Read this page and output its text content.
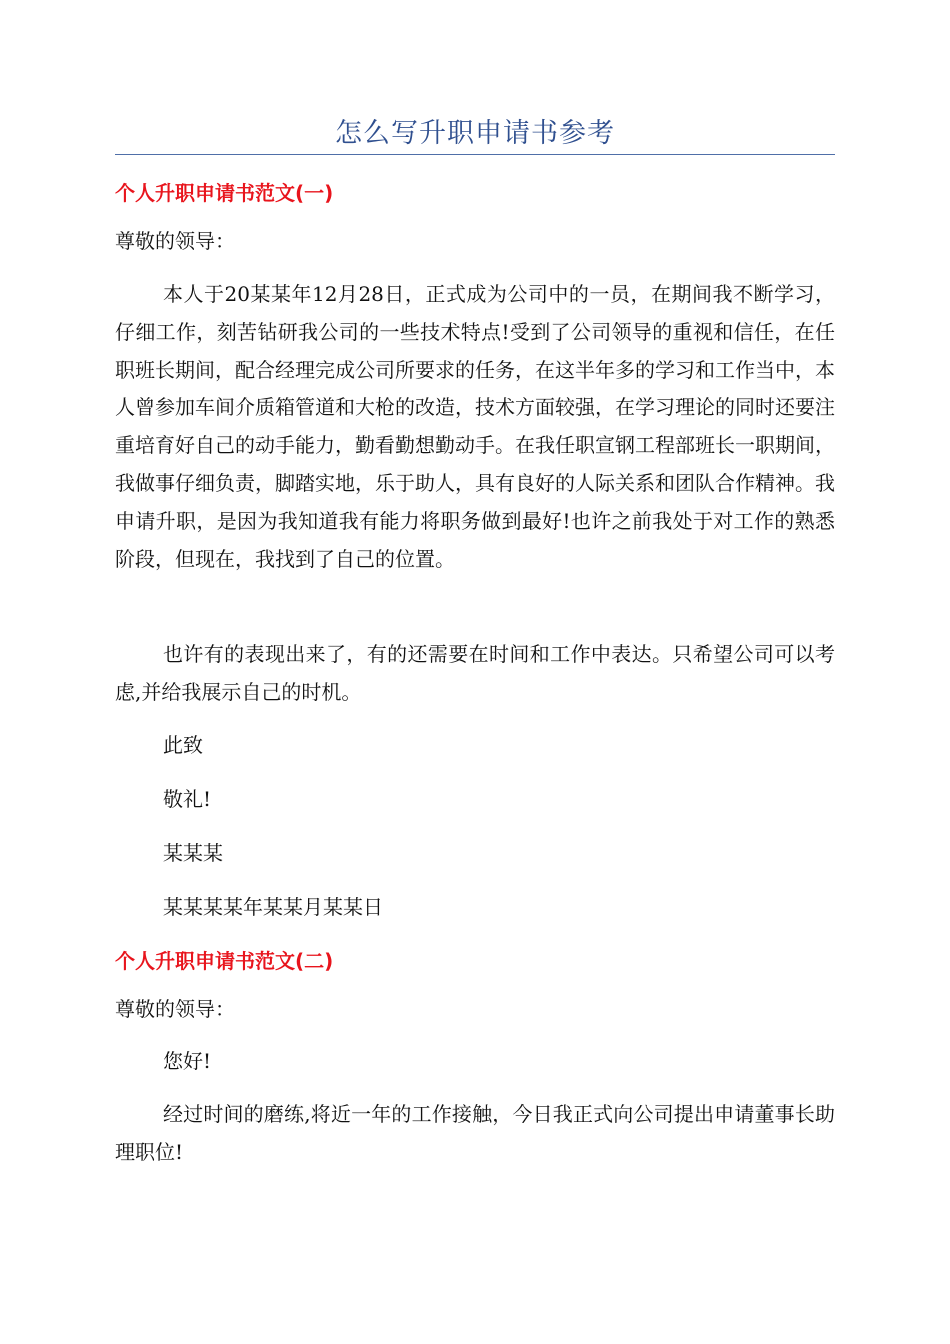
怎么写升职申请书参考
个人升职申请书范文(一)
尊敬的领导：
本人于20某某年12月28日，正式成为公司中的一员，在期间我不断学习，仔细工作，刻苦钻研我公司的一些技术特点!受到了公司领导的重视和信任，在任职班长期间，配合经理完成公司所要求的任务，在这半年多的学习和工作当中，本人曾参加车间介质箱管道和大枪的改造，技术方面较强，在学习理论的同时还要注重培育好自己的动手能力，勤看勤想勤动手。在我任职宣钢工程部班长一职期间，我做事仔细负责，脚踏实地，乐于助人，具有良好的人际关系和团队合作精神。我申请升职，是因为我知道我有能力将职务做到最好!也许之前我处于对工作的熟悉阶段，但现在，我找到了自己的位置。
也许有的表现出来了，有的还需要在时间和工作中表达。只希望公司可以考虑,并给我展示自己的时机。
此致
敬礼!
某某某
某某某某年某某月某某日
个人升职申请书范文(二)
尊敬的领导：
您好!
经过时间的磨练,将近一年的工作接触，今日我正式向公司提出申请董事长助理职位!
